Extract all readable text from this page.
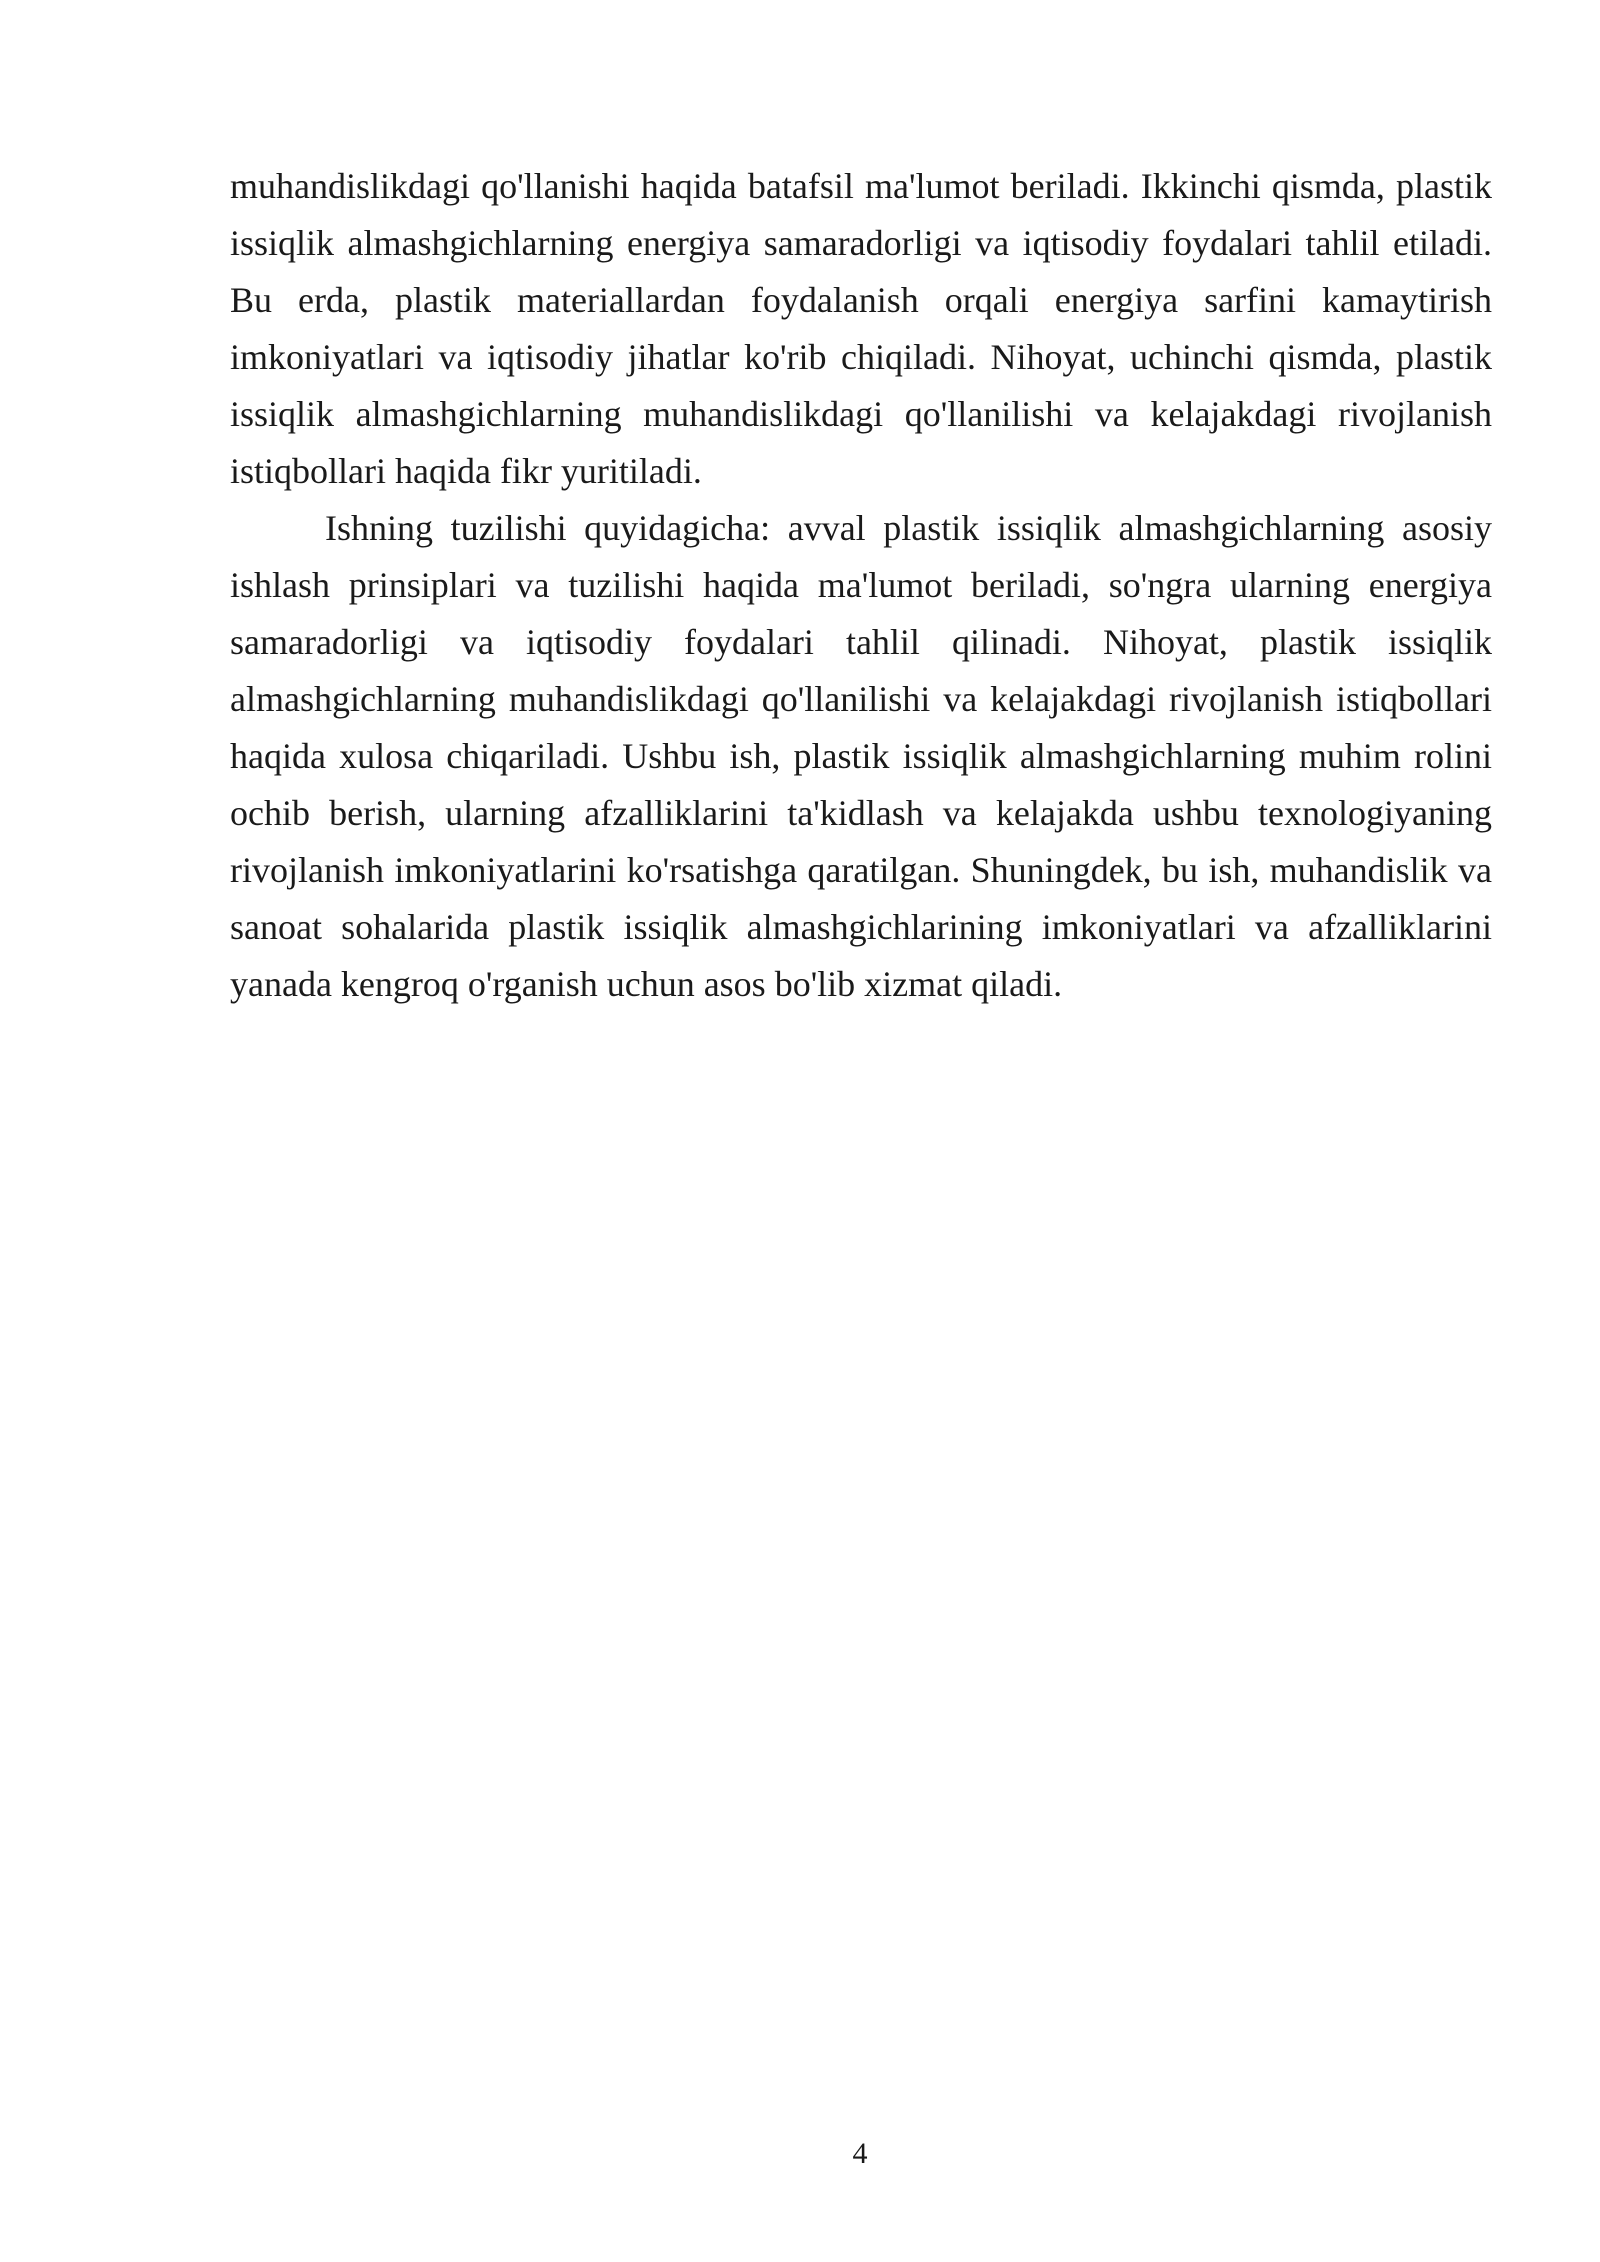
muhandislikdagi qo'llanishi haqida batafsil ma'lumot beriladi. Ikkinchi qismda, plastik issiqlik almashgichlarning energiya samaradorligi va iqtisodiy foydalari tahlil etiladi. Bu erda, plastik materiallardan foydalanish orqali energiya sarfini kamaytirish imkoniyatlari va iqtisodiy jihatlar ko'rib chiqiladi. Nihoyat, uchinchi qismda, plastik issiqlik almashgichlarning muhandislikdagi qo'llanilishi va kelajakdagi rivojlanish istiqbollari haqida fikr yuritiladi.

Ishning tuzilishi quyidagicha: avval plastik issiqlik almashgichlarning asosiy ishlash prinsiplari va tuzilishi haqida ma'lumot beriladi, so'ngra ularning energiya samaradorligi va iqtisodiy foydalari tahlil qilinadi. Nihoyat, plastik issiqlik almashgichlarning muhandislikdagi qo'llanilishi va kelajakdagi rivojlanish istiqbollari haqida xulosa chiqariladi. Ushbu ish, plastik issiqlik almashgichlarning muhim rolini ochib berish, ularning afzalliklarini ta'kidlash va kelajakda ushbu texnologiyaning rivojlanish imkoniyatlarini ko'rsatishga qaratilgan. Shuningdek, bu ish, muhandislik va sanoat sohalarida plastik issiqlik almashgichlarining imkoniyatlari va afzalliklarini yanada kengroq o'rganish uchun asos bo'lib xizmat qiladi.

4
